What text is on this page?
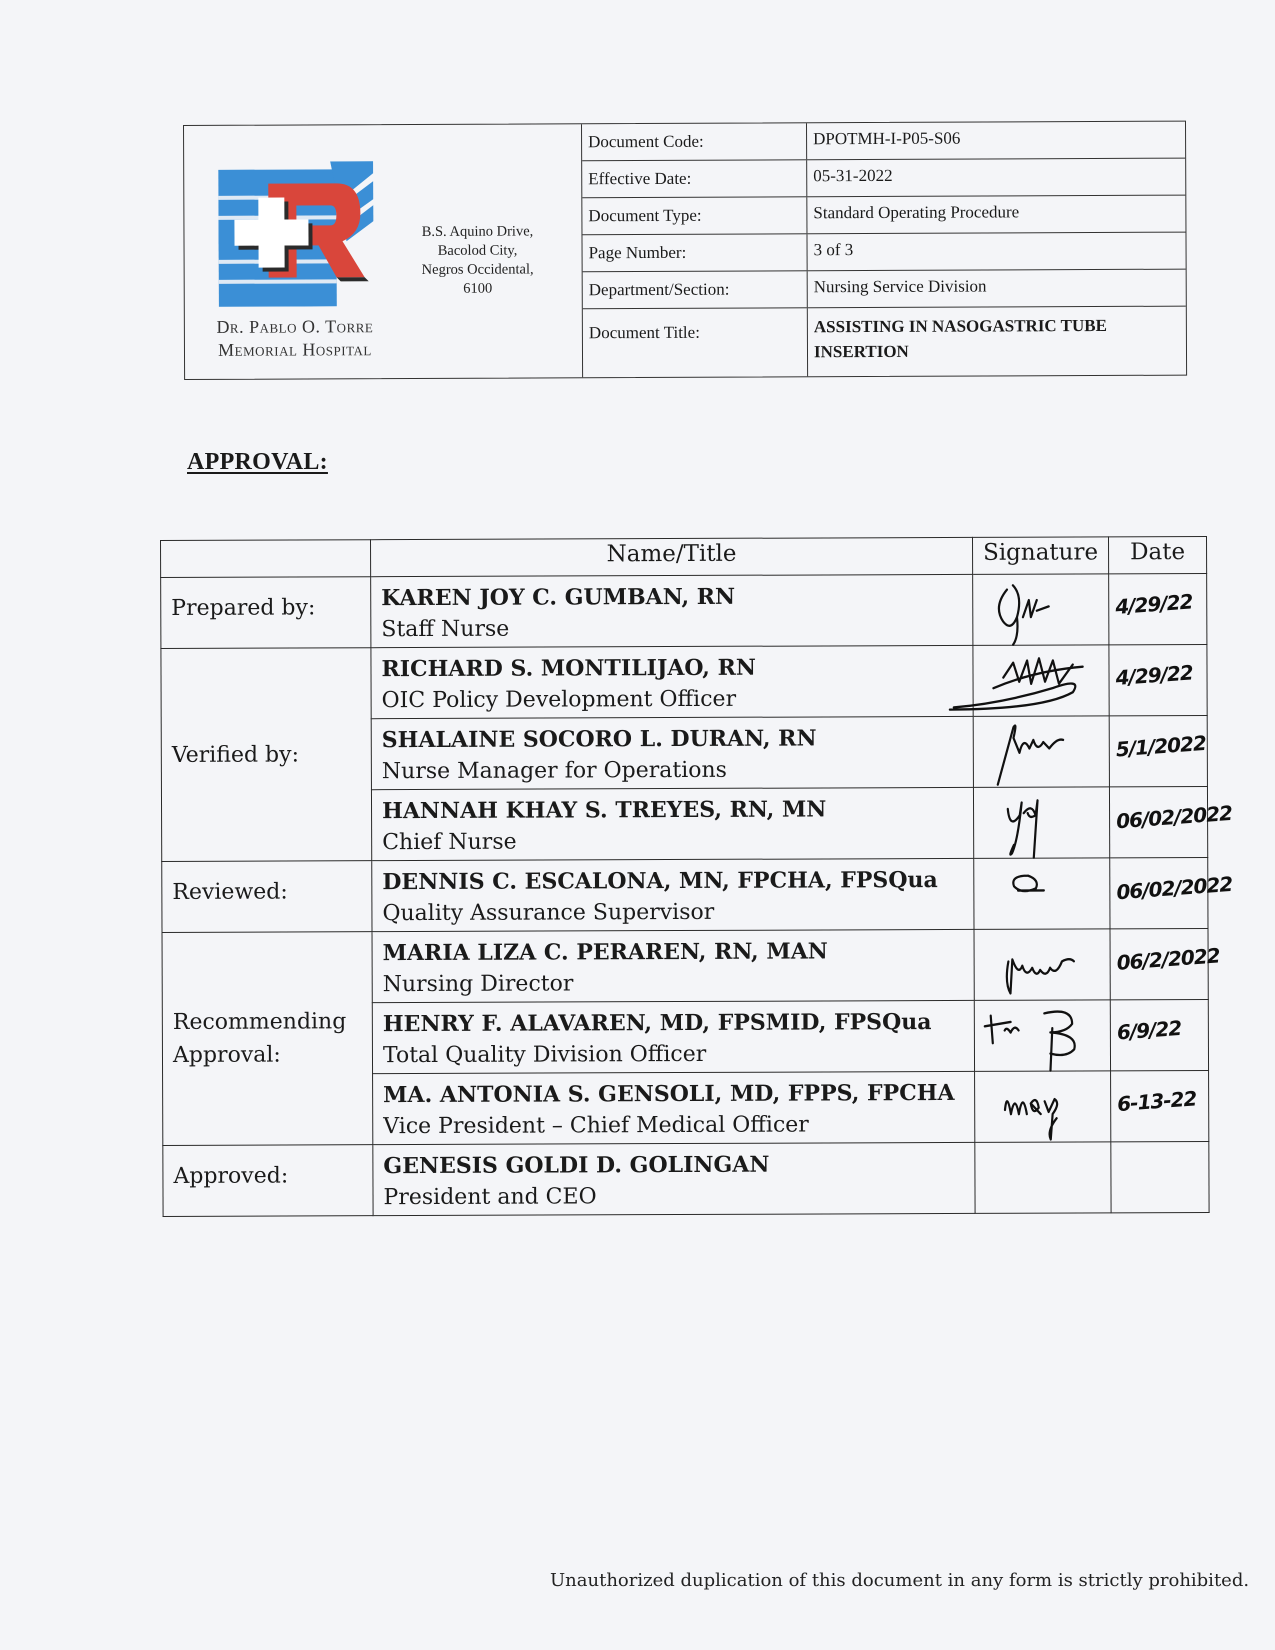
Dr. Pablo O. Torre
Memorial Hospital
B.S. Aquino Drive,
Bacolod City,
Negros Occidental,
6100
Document Code:	DPOTMH-I-P05-S06
Effective Date:	05-31-2022
Document Type:	Standard Operating Procedure
Page Number:	3 of 3
Department/Section:	Nursing Service Division
Document Title:	ASSISTING IN NASOGASTRIC TUBE INSERTION
APPROVAL:
	Name/Title	Signature	Date
Prepared by:	KAREN JOY C. GUMBAN, RN
Staff Nurse		4/29/22

Verified by:	RICHARD S. MONTILIJAO, RN
OIC Policy Development Officer		4/29/22

	SHALAINE SOCORO L. DURAN, RN
Nurse Manager for Operations		5/1/2022

	HANNAH KHAY S. TREYES, RN, MN
Chief Nurse		06/02/2022

Reviewed:	DENNIS C. ESCALONA, MN, FPCHA, FPSQua
Quality Assurance Supervisor		06/02/2022

Recommending Approval:	MARIA LIZA C. PERAREN, RN, MAN
Nursing Director		06/2/2022

	HENRY F. ALAVAREN, MD, FPSMID, FPSQua
Total Quality Division Officer		6/9/22

	MA. ANTONIA S. GENSOLI, MD, FPPS, FPCHA
Vice President – Chief Medical Officer		6-13-22

Approved:	GENESIS GOLDI D. GOLINGAN
President and CEO		

Unauthorized duplication of this document in any form is strictly prohibited.
